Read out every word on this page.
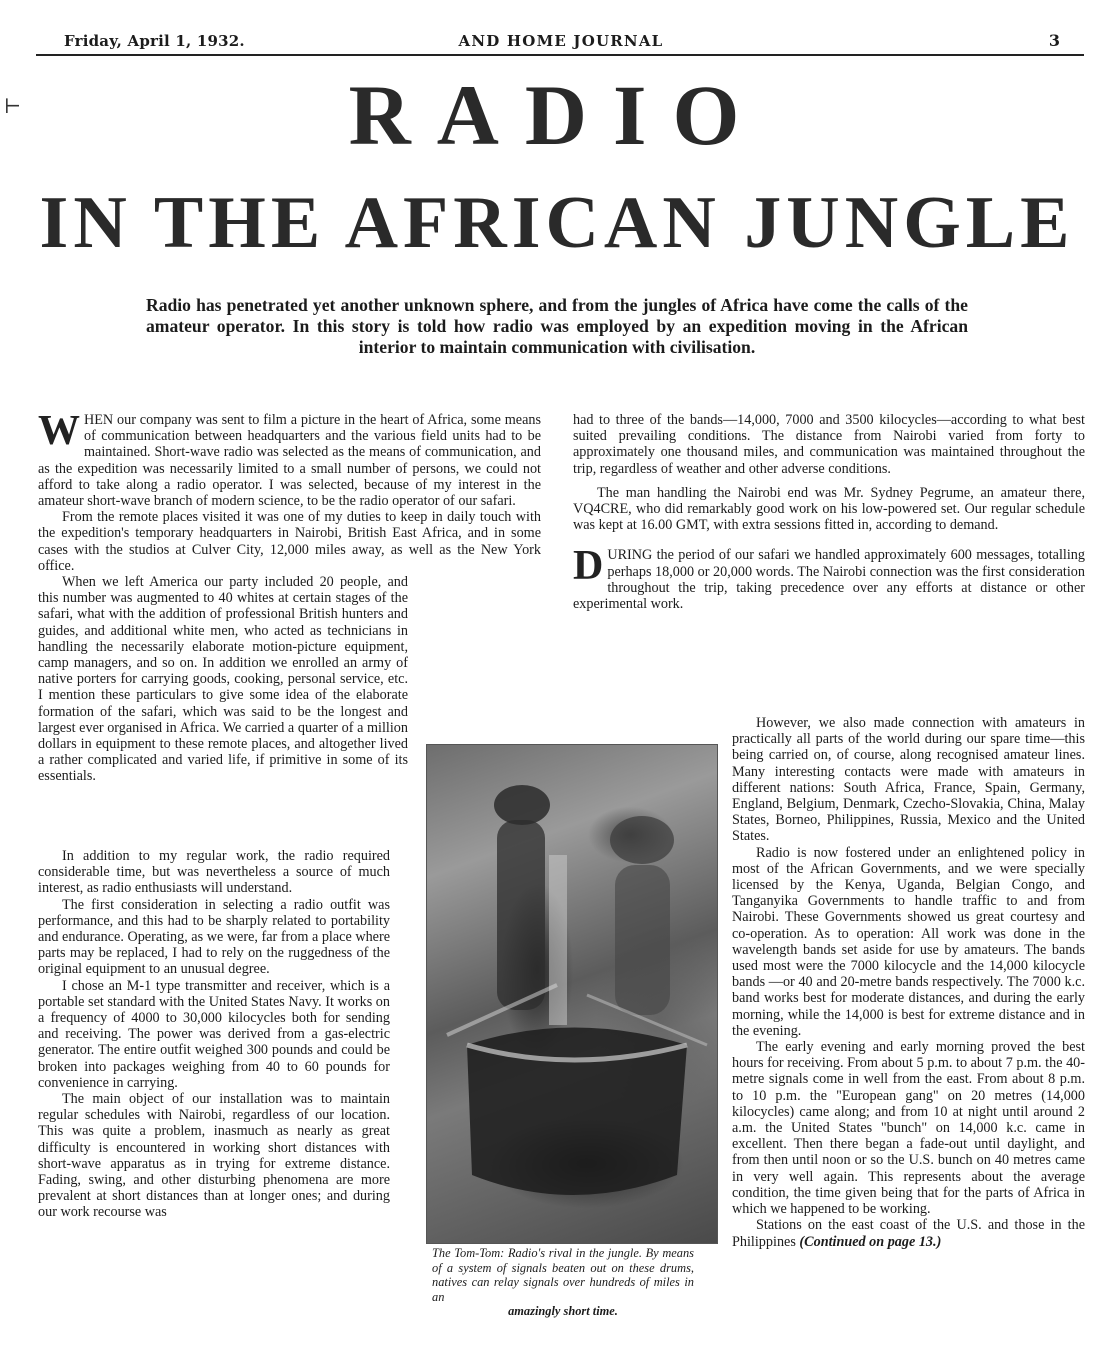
Friday, April 1, 1932.	AND HOME JOURNAL	3
⊢	RADIO
IN THE AFRICAN JUNGLE
Radio has penetrated yet another unknown sphere, and from the jungles of Africa have come the calls of the amateur operator. In this story is told how radio was employed by an expedition moving in the African interior to maintain communication with civilisation.

WHEN our company was sent to film a picture in the heart of Africa, some means of communication between headquarters and the various field units had to be maintained. Short-wave radio was selected as the means of communication, and as the expedition was necessarily limited to a small number of persons, we could not afford to take along a radio operator. I was selected, because of my interest in the amateur short-wave branch of modern science, to be the radio operator of our safari.

From the remote places visited it was one of my duties to keep in daily touch with the expedition's temporary headquarters in Nairobi, British East Africa, and in some cases with the studios at Culver City, 12,000 miles away, as well as the New York office.

When we left America our party included 20 people, and this number was augmented to 40 whites at certain stages of the safari, what with the addition of professional British hunters and guides, and additional white men, who acted as technicians in handling the necessarily elaborate motion-picture equipment, camp managers, and so on. In addition we enrolled an army of native porters for carrying goods, cooking, personal service, etc. I mention these particulars to give some idea of the elaborate formation of the safari, which was said to be the longest and largest ever organised in Africa. We carried a quarter of a million dollars in equipment to these remote places, and altogether lived a rather complicated and varied life, if primitive in some of its essentials.

In addition to my regular work, the radio required considerable time, but was nevertheless a source of much interest, as radio enthusiasts will understand.

The first consideration in selecting a radio outfit was performance, and this had to be sharply related to portability and endurance. Operating, as we were, far from a place where parts may be replaced, I had to rely on the ruggedness of the original equipment to an unusual degree.

I chose an M-1 type transmitter and receiver, which is a portable set standard with the United States Navy. It works on a frequency of 4000 to 30,000 kilocycles both for sending and receiving. The power was derived from a gas-electric generator. The entire outfit weighed 300 pounds and could be broken into packages weighing from 40 to 60 pounds for convenience in carrying.

The main object of our installation was to maintain regular schedules with Nairobi, regardless of our location. This was quite a problem, inasmuch as nearly as great difficulty is encountered in working short distances with short-wave apparatus as in trying for extreme distance. Fading, swing, and other disturbing phenomena are more prevalent at short distances than at longer ones; and during our work recourse was

The Tom-Tom: Radio's rival in the jungle. By means of a system of signals beaten out on these drums, natives can relay signals over hundreds of miles in an
amazingly short time.

had to three of the bands—14,000, 7000 and 3500 kilocycles—according to what best suited prevailing conditions. The distance from Nairobi varied from forty to approximately one thousand miles, and communication was maintained throughout the trip, regardless of weather and other adverse conditions.

The man handling the Nairobi end was Mr. Sydney Pegrume, an amateur there, VQ4CRE, who did remarkably good work on his low-powered set. Our regular schedule was kept at 16.00 GMT, with extra sessions fitted in, according to demand.

DURING the period of our safari we handled approximately 600 messages, totalling perhaps 18,000 or 20,000 words. The Nairobi connection was the first consideration throughout the trip, taking precedence over any efforts at distance or other experimental work.

However, we also made connection with amateurs in practically all parts of the world during our spare time—this being carried on, of course, along recognised amateur lines. Many interesting contacts were made with amateurs in different nations: South Africa, France, Spain, Germany, England, Belgium, Denmark, Czecho-Slovakia, China, Malay States, Borneo, Philippines, Russia, Mexico and the United States.

Radio is now fostered under an enlightened policy in most of the African Governments, and we were specially licensed by the Kenya, Uganda, Belgian Congo, and Tanganyika Governments to handle traffic to and from Nairobi. These Governments showed us great courtesy and co-operation. As to operation: All work was done in the wavelength bands set aside for use by amateurs. The bands used most were the 7000 kilocycle and the 14,000 kilocycle bands —or 40 and 20-metre bands respectively. The 7000 k.c. band works best for moderate distances, and during the early morning, while the 14,000 is best for extreme distance and in the evening.

The early evening and early morning proved the best hours for receiving. From about 5 p.m. to about 7 p.m. the 40-metre signals come in well from the east. From about 8 p.m. to 10 p.m. the "European gang" on 20 metres (14,000 kilocycles) came along; and from 10 at night until around 2 a.m. the United States "bunch" on 14,000 k.c. came in excellent. Then there began a fade-out until daylight, and from then until noon or so the U.S. bunch on 40 metres came in very well again. This represents about the average condition, the time given being that for the parts of Africa in which we happened to be working.

Stations on the east coast of the U.S. and those in the Philippines (Continued on page 13.)
